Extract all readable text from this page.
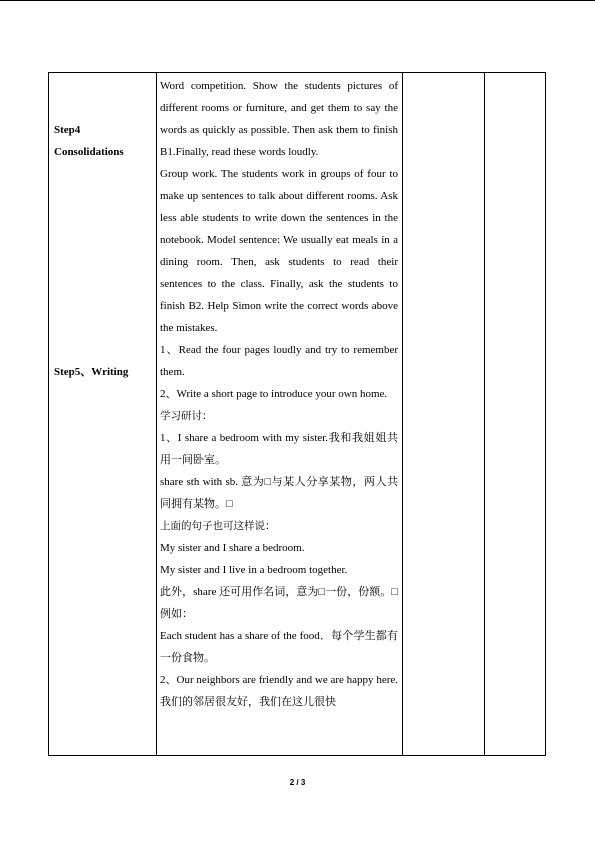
Step4
Consolidations
Step5、Writing

Word competition. Show the students pictures of different rooms or furniture, and get them to say the words as quickly as possible. Then ask them to finish B1.Finally, read these words loudly.

Group work. The students work in groups of four to make up sentences to talk about different rooms. Ask less able students to write down the sentences in the notebook. Model sentence: We usually eat meals in a dining room. Then, ask students to read their sentences to the class. Finally, ask the students to finish B2. Help Simon write the correct words above the mistakes.

1、Read the four pages loudly and try to remember them.

2、Write a short page to introduce your own home.

学习研讨：

1、I share a bedroom with my sister.我和我姐姐共用一间卧室。

share sth with sb. 意为□与某人分享某物，两人共同拥有某物。□

上面的句子也可这样说：

My sister and I share a bedroom.

My sister and I live in a bedroom together.

此外，share 还可用作名词，意为□一份，份额。□ 例如：

Each student has a share of the food．每个学生都有一份食物。

2、Our neighbors are friendly and we are happy here.我们的邻居很友好，我们在这儿很快

2 / 3
